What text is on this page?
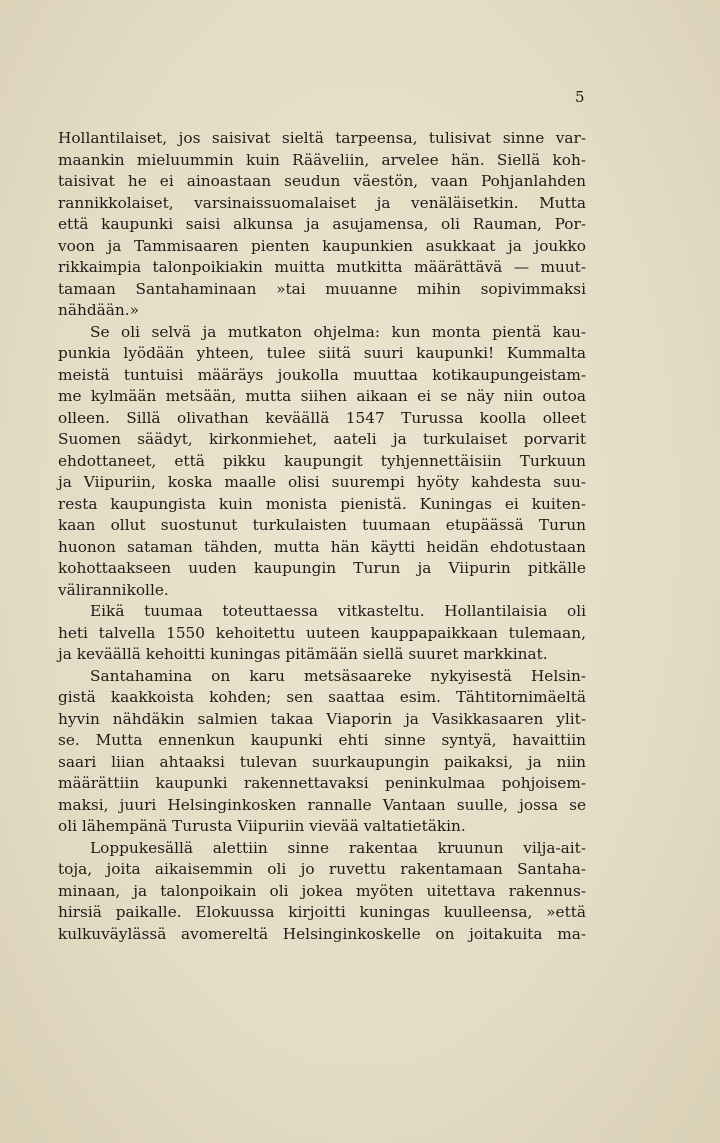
5
Hollantilaiset, jos saisivat sieltä tarpeensa, tulisivat sinne var-
maankin mieluummin kuin Rääveliin, arvelee hän. Siellä koh-
taisivat he ei ainoastaan seudun väestön, vaan Pohjanlahden
rannikkolaiset, varsinaissuomalaiset ja venäläisetkin. Mutta
että kaupunki saisi alkunsa ja asujamensa, oli Rauman, Por-
voon ja Tammisaaren pienten kaupunkien asukkaat ja joukko
rikkaimpia talonpoikiakin muitta mutkitta määrättävä — muut-
tamaan Santahaminaan »tai muuanne mihin sopivimmaksi
nähdään.»
Se oli selvä ja mutkaton ohjelma: kun monta pientä kau-
punkia lyödään yhteen, tulee siitä suuri kaupunki! Kummalta
meistä tuntuisi määräys joukolla muuttaa kotikaupungeistam-
me kylmään metsään, mutta siihen aikaan ei se näy niin outoa
olleen. Sillä olivathan keväällä 1547 Turussa koolla olleet
Suomen säädyt, kirkonmiehet, aateli ja turkulaiset porvarit
ehdottaneet, että pikku kaupungit tyhjennettäisiin Turkuun
ja Viipuriin, koska maalle olisi suurempi hyöty kahdesta suu-
resta kaupungista kuin monista pienistä. Kuningas ei kuiten-
kaan ollut suostunut turkulaisten tuumaan etupäässä Turun
huonon sataman tähden, mutta hän käytti heidän ehdotustaan
kohottaakseen uuden kaupungin Turun ja Viipurin pitkälle
välirannikolle.
Eikä tuumaa toteuttaessa vitkasteltu. Hollantilaisia oli
heti talvella 1550 kehoitettu uuteen kauppapaikkaan tulemaan,
ja keväällä kehoitti kuningas pitämään siellä suuret markkinat.
Santahamina on karu metsäsaareke nykyisestä Helsin-
gistä kaakkoista kohden; sen saattaa esim. Tähtitornimäeltä
hyvin nähdäkin salmien takaa Viaporin ja Vasikkasaaren ylit-
se. Mutta ennenkun kaupunki ehti sinne syntyä, havaittiin
saari liian ahtaaksi tulevan suurkaupungin paikaksi, ja niin
määrättiin kaupunki rakennettavaksi peninkulmaa pohjoisem-
maksi, juuri Helsinginkosken rannalle Vantaan suulle, jossa se
oli lähempänä Turusta Viipuriin vievää valtatietäkin.
Loppukesällä alettiin sinne rakentaa kruunun vilja-ait-
toja, joita aikaisemmin oli jo ruvettu rakentamaan Santaha-
minaan, ja talonpoikain oli jokea myöten uitettava rakennus-
hirsiä paikalle. Elokuussa kirjoitti kuningas kuulleensa, »että
kulkuväylässä avomereltä Helsinginkoskelle on joitakuita ma-
